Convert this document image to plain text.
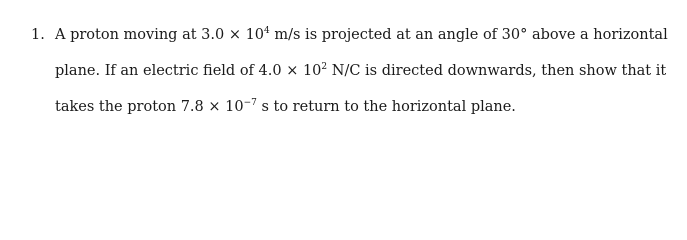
1. A proton moving at $3.0 \times 10^4$ m/s is projected at an angle of 30° above a horizontal
plane. If an electric field of $4.0 \times 10^2$ N/C is directed downwards, then show that it
takes the proton $7.8 \times 10^{-7}$ s to return to the horizontal plane.
